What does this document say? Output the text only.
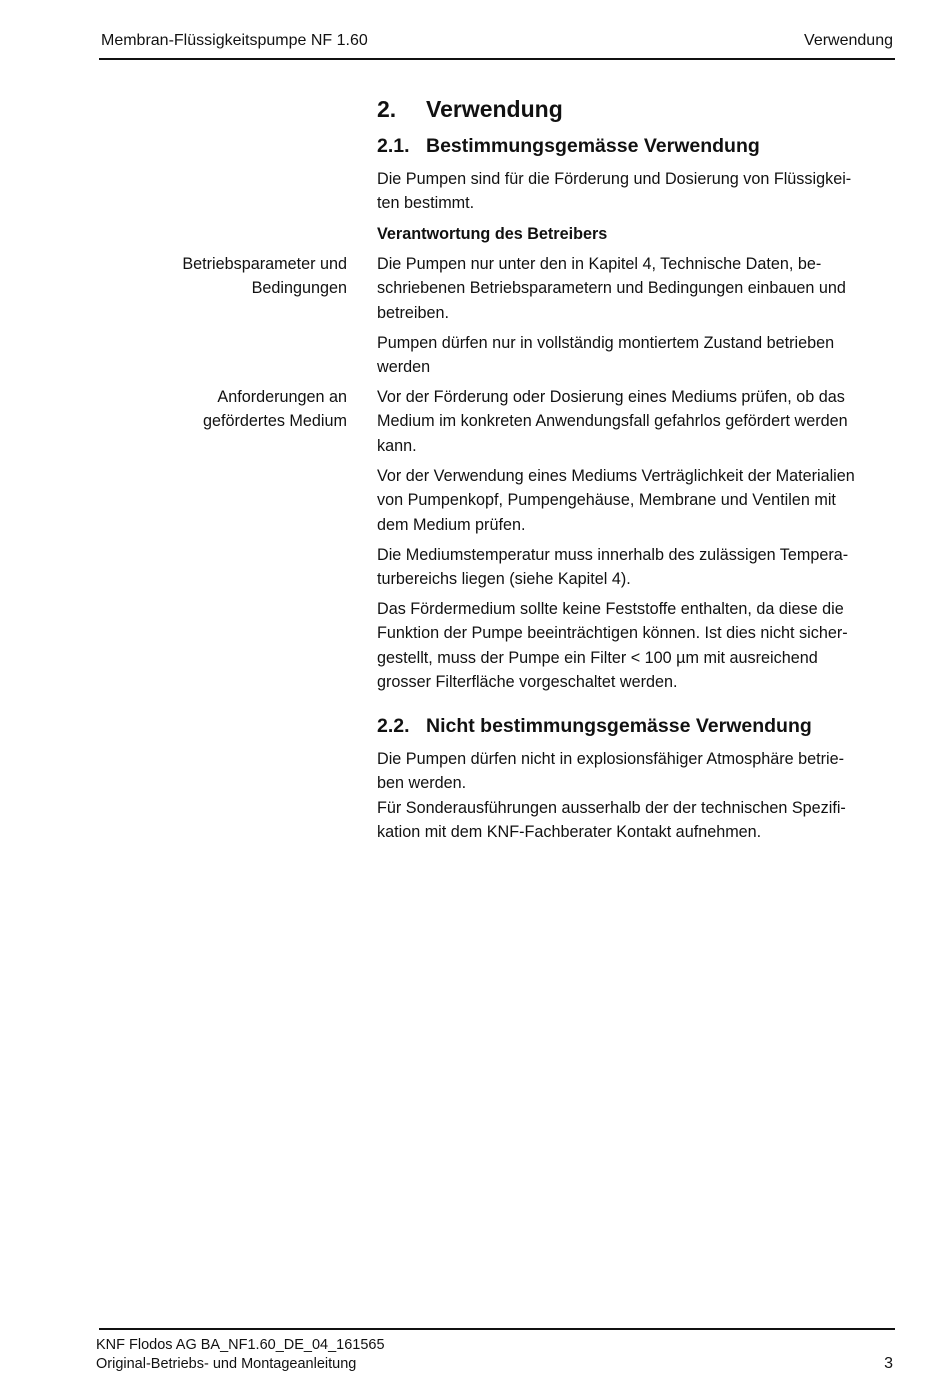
Membran-Flüssigkeitspumpe NF 1.60	Verwendung
2.	Verwendung
2.1. Bestimmungsgemässe Verwendung
Die Pumpen sind für die Förderung und Dosierung von Flüssigkei-
ten bestimmt.
Verantwortung des Betreibers
Betriebsparameter und
Bedingungen
Die Pumpen nur unter den in Kapitel 4, Technische Daten, be-
schriebenen Betriebsparametern und Bedingungen einbauen und
betreiben.
Pumpen dürfen nur in vollständig montiertem Zustand betrieben
werden
Anforderungen an
gefördertes Medium
Vor der Förderung oder Dosierung eines Mediums prüfen, ob das
Medium im konkreten Anwendungsfall gefahrlos gefördert werden
kann.
Vor der Verwendung eines Mediums Verträglichkeit der Materialien
von Pumpenkopf, Pumpengehäuse, Membrane und Ventilen mit
dem Medium prüfen.
Die Mediumstemperatur muss innerhalb des zulässigen Tempera-
turbereichs liegen (siehe Kapitel 4).
Das Fördermedium sollte keine Feststoffe enthalten, da diese die
Funktion der Pumpe beeinträchtigen können. Ist dies nicht sicher-
gestellt, muss der Pumpe ein Filter < 100 µm mit ausreichend
grosser Filterfläche vorgeschaltet werden.
2.2. Nicht bestimmungsgemässe Verwendung
Die Pumpen dürfen nicht in explosionsfähiger Atmosphäre betrie-
ben werden.
Für Sonderausführungen ausserhalb der der technischen Spezifi-
kation mit dem KNF-Fachberater Kontakt aufnehmen.
KNF Flodos AG BA_NF1.60_DE_04_161565
Original-Betriebs- und Montageanleitung	3
